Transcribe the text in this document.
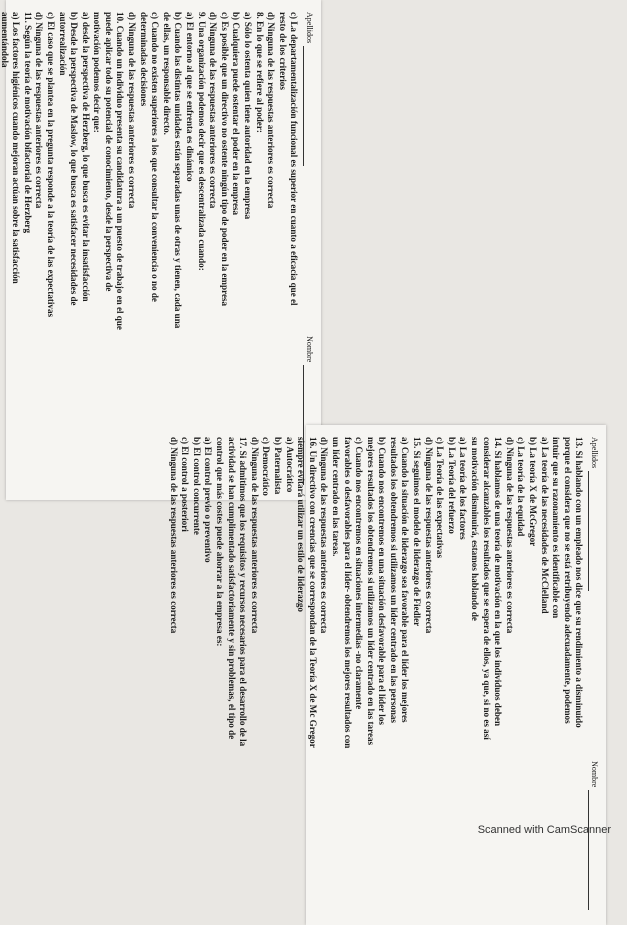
Apellidos
Nombre
c) La departamentalización funcional es superior en cuanto a eficacia que el
resto de los criterios
d) Ninguna de las respuestas anteriores es correcta
8. En lo que se refiere al poder:
a) Sólo lo ostenta quien tiene autoridad en la empresa
b) Cualquiera puede ostentar el poder en la empresa
c) Es posible que un directivo no ostente ningún tipo de poder en la empresa
d) Ninguna de las respuestas anteriores es correcta
9. Una organización podemos decir que es descentralizada cuando:
a) El entorno al que se enfrenta es dinámico
b) Cuando las distintas unidades están separadas unas de otras y tienen, cada una
de ellas, un responsable directo.
c) Cuando no existen superiores a los que consultar la conveniencia o no de
determinadas decisiones
d) Ninguna de las respuestas anteriores es correcta
10. Cuando un individuo presenta su candidatura a un puesto de trabajo en el que
puede aplicar todo su potencial de conocimiento, desde la perspectiva de
motivación podemos decir que:
a) desde la perspectiva de Herzberg, lo que busca es evitar la insatisfacción
b) Desde la perspectiva de Maslow, lo que busca es satisfacer necesidades de
autorrealización
c) El caso que se plantea en la pregunta responde a la teoría de las expectativas
d) Ninguna de las respuestas anteriores es correcta
11. Según la teoría de motivación bifactorial de Herzberg
a) Los factores higiénicos cuando mejoran actúan sobre la satisfacción
aumentándola
Apellidos
Nombre
13. Si hablando con un empleado nos dice que su rendimiento a disminuido
porque el considera que no se está retribuyendo adecuadamente, podemos
intuir que su razonamiento es identificable con
a) La teoría de las necesidades de McClelland
b) La teoría X de McGregor
c) La teoría de la equidad
d) Ninguna de las respuestas anteriores es correcta
14. Si hablamos de una teoría de motivación en la que los individuos deben
considerar alcanzables los resultados que se espera de ellos, ya que, si no es así
su motivación disminuirá, estamos hablando de
a) La teoría de los factores
b) La Teoría del refuerzo
c) La Teoría de las expectativas
d) Ninguna de las respuestas anteriores es correcta
15. Si seguimos el modelo de liderazgo de Fiedler
a) Cuando la situación de liderazgo sea favorable para el líder los mejores
resultados los obtendremos si utilizamos un líder centrado en las personas
b) Cuando nos encontremos en una situación desfavorable para el líder los
mejores resultados los obtendremos si utilizamos un líder centrado en las tareas
c) Cuando nos encontremos en situaciones intermedias -no claramente
favorables o desfavorables para el líder- obtendremos los mejores resultados con
un líder centrado en las tareas.
d) Ninguna de las respuestas anteriores es correcta
16. Un directivo con creencias que se correspondan de la Teoría X de Mc Gregor
siempre evitará utilizar un estilo de liderazgo
a) Autocrático
b) Paternalista
c) Democrático
d) Ninguna de las respuestas anteriores es correcta
17. Si admitimos que los requisitos y recursos necesarios para el desarrollo de la
actividad se han cumplimentado satisfactoriamente y sin problemas, el tipo de
control que más costes puede ahorrar a la empresa es:
a) El control previo o preventivo
b) El control concurrente
c) El control a posteriori
d) Ninguna de las respuestas anteriores es correcta
Scanned with CamScanner
